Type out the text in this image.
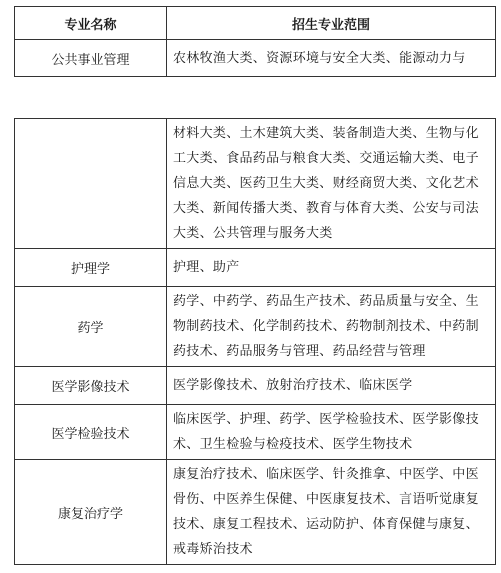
专业名称	招生专业范围
公共事业管理	农林牧渔大类、资源环境与安全大类、能源动力与
	材料大类、土木建筑大类、装备制造大类、生物与化工大类、食品药品与粮食大类、交通运输大类、电子信息大类、医药卫生大类、财经商贸大类、文化艺术大类、新闻传播大类、教育与体育大类、公安与司法大类、公共管理与服务大类
护理学	护理、助产
药学	药学、中药学、药品生产技术、药品质量与安全、生物制药技术、化学制药技术、药物制剂技术、中药制药技术、药品服务与管理、药品经营与管理
医学影像技术	医学影像技术、放射治疗技术、临床医学
医学检验技术	临床医学、护理、药学、医学检验技术、医学影像技术、卫生检验与检疫技术、医学生物技术
康复治疗学	康复治疗技术、临床医学、针灸推拿、中医学、中医骨伤、中医养生保健、中医康复技术、言语听觉康复技术、康复工程技术、运动防护、体育保健与康复、戒毒矫治技术
